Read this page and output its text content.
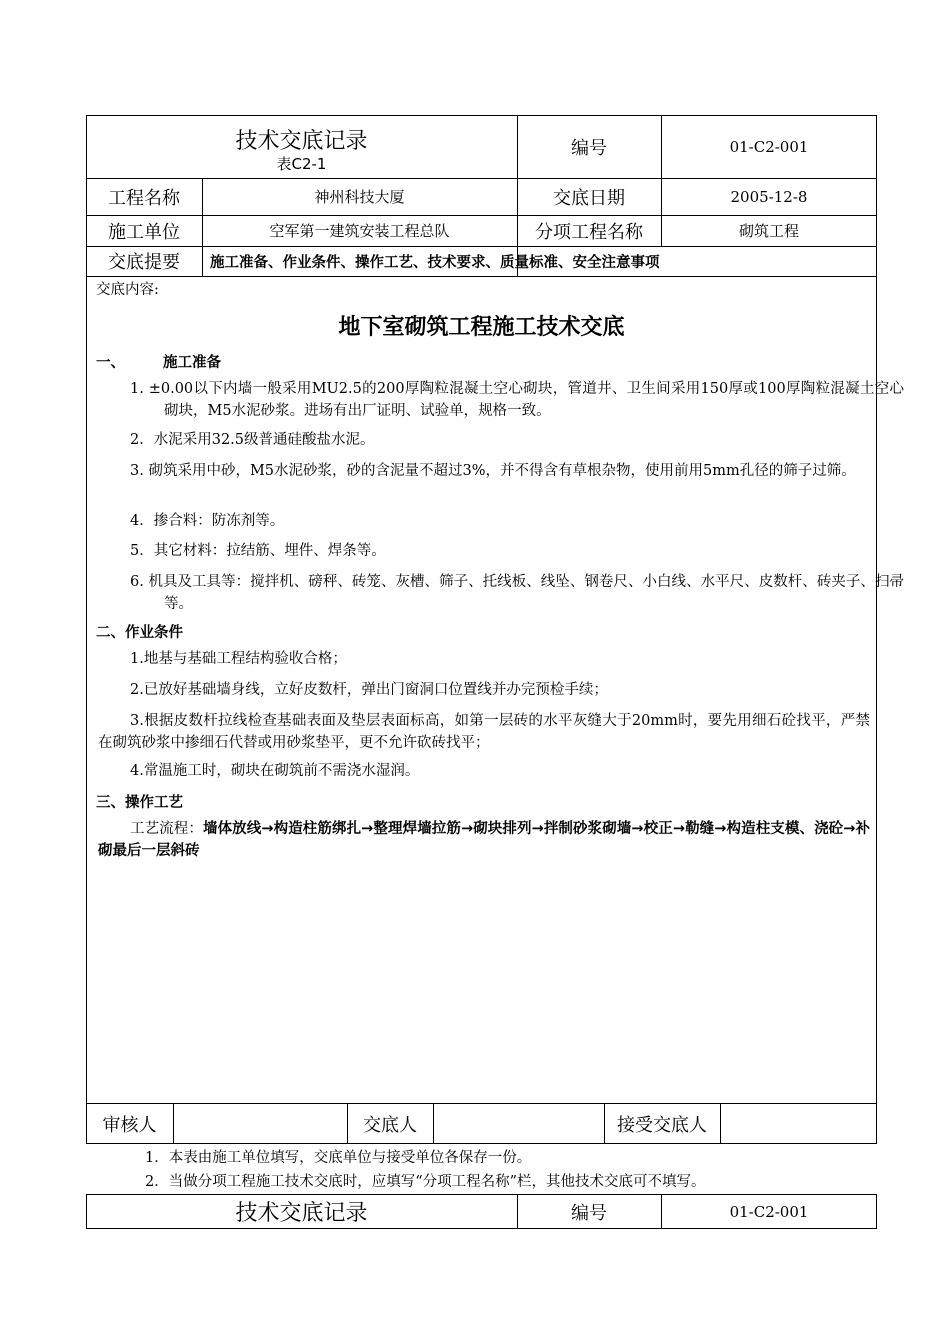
技术交底记录
表C2-1
编号	01-C2-001
工程名称	神州科技大厦	交底日期	2005-12-8
施工单位	空军第一建筑安装工程总队	分项工程名称	砌筑工程
交底提要	施工准备、作业条件、操作工艺、技术要求、质量标准、安全注意事项
交底内容:
地下室砌筑工程施工技术交底
一、	施工准备
1. ±0.00以下内墙一般采用MU2.5的200厚陶粒混凝土空心砌块，管道井、卫生间采用150厚或100厚陶粒混凝土空心砌块，M5水泥砂浆。进场有出厂证明、试验单，规格一致。
2．水泥采用32.5级普通硅酸盐水泥。
3. 砌筑采用中砂，M5水泥砂浆，砂的含泥量不超过3%，并不得含有草根杂物，使用前用5mm孔径的筛子过筛。
4．掺合料：防冻剂等。
5．其它材料：拉结筋、埋件、焊条等。
6. 机具及工具等：搅拌机、磅秤、砖笼、灰槽、筛子、托线板、线坠、钢卷尺、小白线、水平尺、皮数杆、砖夹子、扫帚等。
二、作业条件
1.地基与基础工程结构验收合格；
2.已放好基础墙身线，立好皮数杆，弹出门窗洞口位置线并办完预检手续；
3.根据皮数杆拉线检查基础表面及垫层表面标高，如第一层砖的水平灰缝大于20mm时，要先用细石砼找平，严禁在砌筑砂浆中掺细石代替或用砂浆垫平，更不允许砍砖找平；
4.常温施工时，砌块在砌筑前不需浇水湿润。
三、操作工艺
工艺流程：墙体放线→构造柱筋绑扎→整理焊墙拉筋→砌块排列→拌制砂浆砌墙→校正→勒缝→构造柱支模、浇砼→补砌最后一层斜砖
审核人	交底人	接受交底人
1．本表由施工单位填写，交底单位与接受单位各保存一份。
2．当做分项工程施工技术交底时，应填写“分项工程名称”栏，其他技术交底可不填写。
技术交底记录	编号	01-C2-001
